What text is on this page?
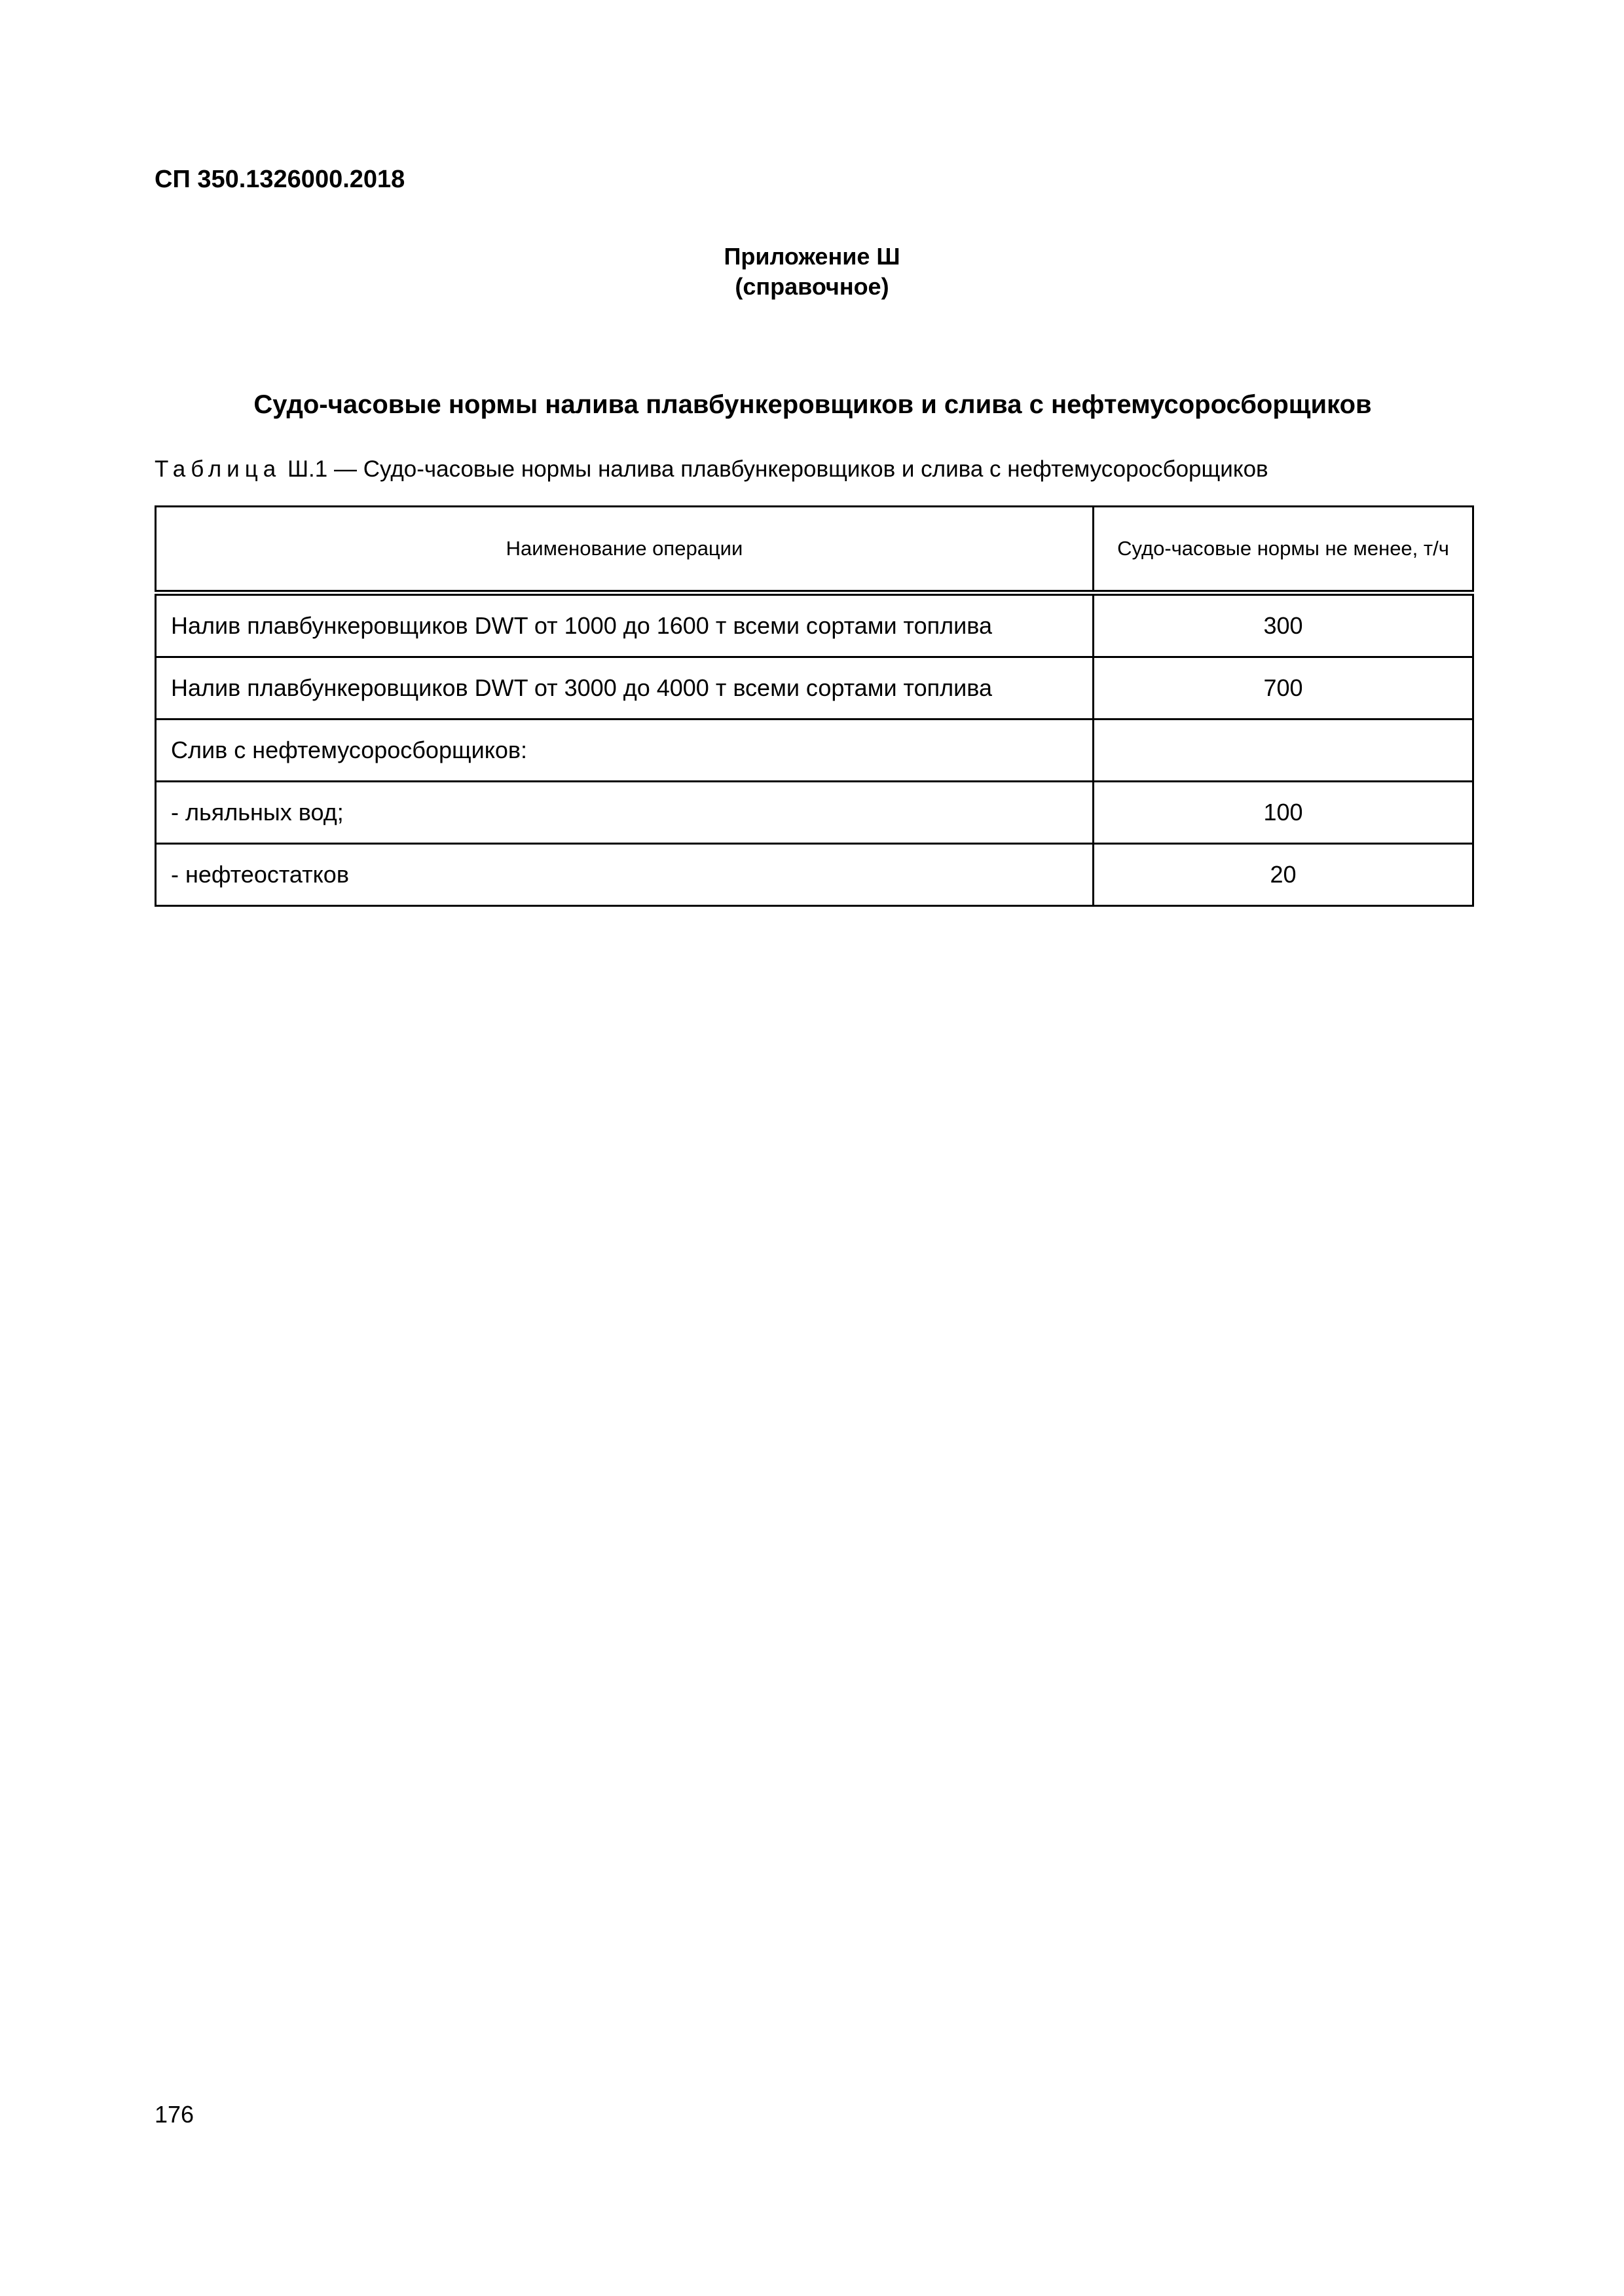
СП 350.1326000.2018
Приложение Ш
(справочное)
Судо-часовые нормы налива плавбункеровщиков и слива с нефтемусоросборщиков
Таблица Ш.1 — Судо-часовые нормы налива плавбункеровщиков и слива с нефтемусоросборщиков
Наименование операции	Судо-часовые нормы не менее, т/ч
Налив плавбункеровщиков DWT от 1000 до 1600 т всеми сортами топлива	300
Налив плавбункеровщиков DWT от 3000 до 4000 т всеми сортами топлива	700
Слив с нефтемусоросборщиков:	
- льяльных вод;	100
- нефтеостатков	20
176
